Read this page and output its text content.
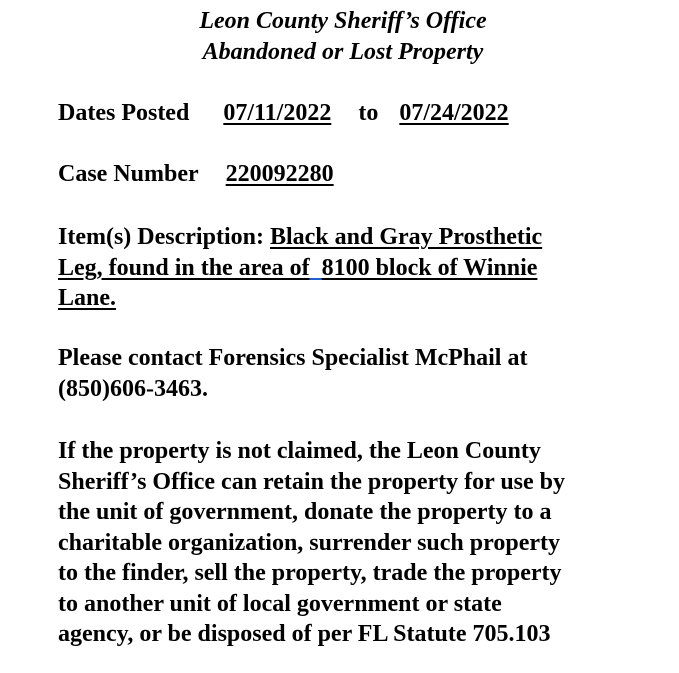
Leon County Sheriff’s Office
Abandoned or Lost Property
Dates Posted 07/11/2022 to 07/24/2022
Case Number 220092280
Item(s) Description: Black and Gray Prosthetic
Leg, found in the area of 8100 block of Winnie
Lane.
Please contact Forensics Specialist McPhail at
(850)606-3463.
If the property is not claimed, the Leon County
Sheriff’s Office can retain the property for use by
the unit of government, donate the property to a
charitable organization, surrender such property
to the finder, sell the property, trade the property
to another unit of local government or state
agency, or be disposed of per FL Statute 705.103
